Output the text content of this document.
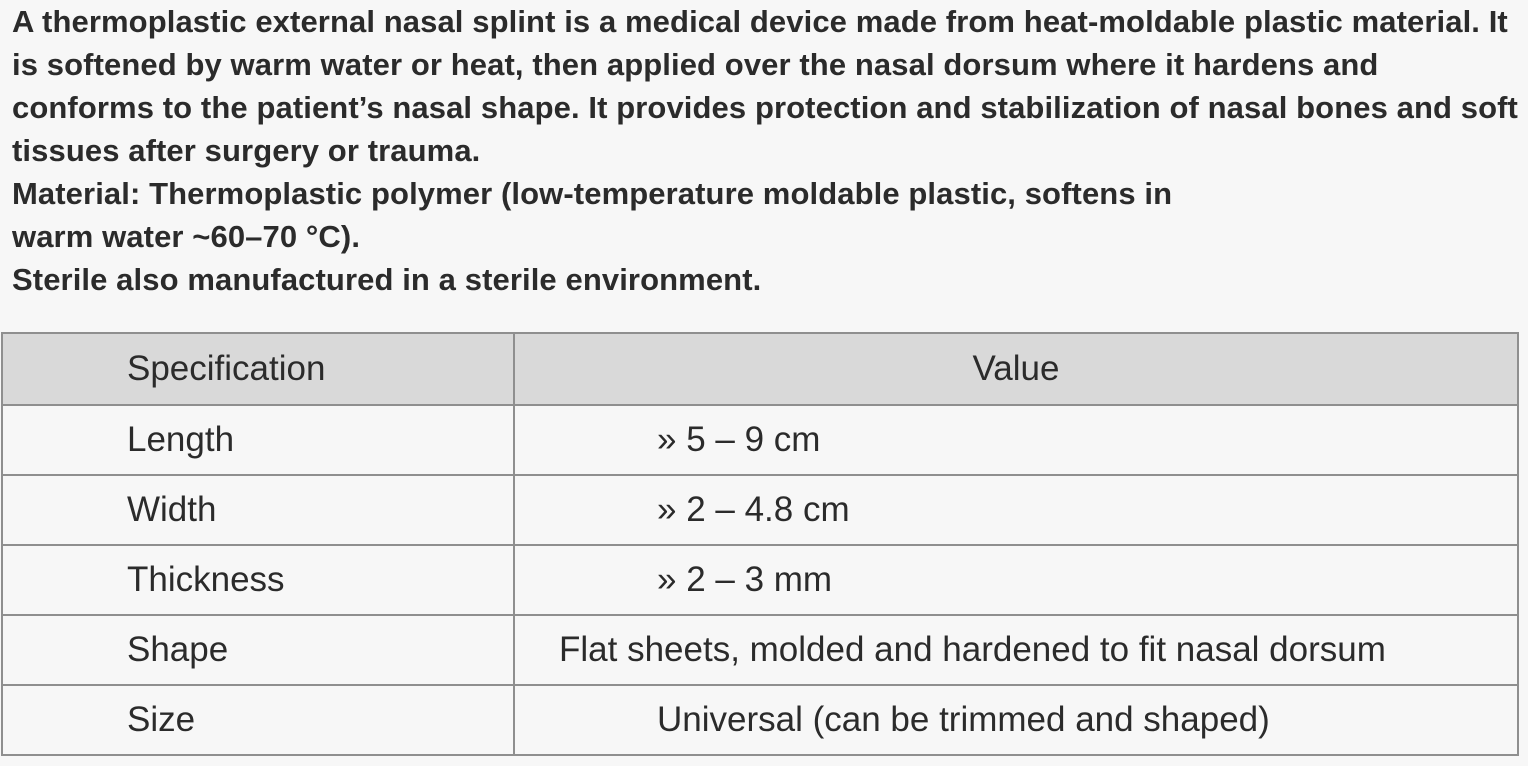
A thermoplastic external nasal splint is a medical device made from heat-moldable plastic material. It is softened by warm water or heat, then applied over the nasal dorsum where it hardens and conforms to the patient’s nasal shape. It provides protection and stabilization of nasal bones and soft tissues after surgery or trauma.

Material: Thermoplastic polymer (low-temperature moldable plastic, softens in

warm water ~60–70 °C).

Sterile also manufactured in a sterile environment.

Specification	Value
Length	» 5 – 9 cm
Width	» 2 – 4.8 cm
Thickness	» 2 – 3 mm
Shape	Flat sheets, molded and hardened to fit nasal dorsum
Size	Universal (can be trimmed and shaped)
